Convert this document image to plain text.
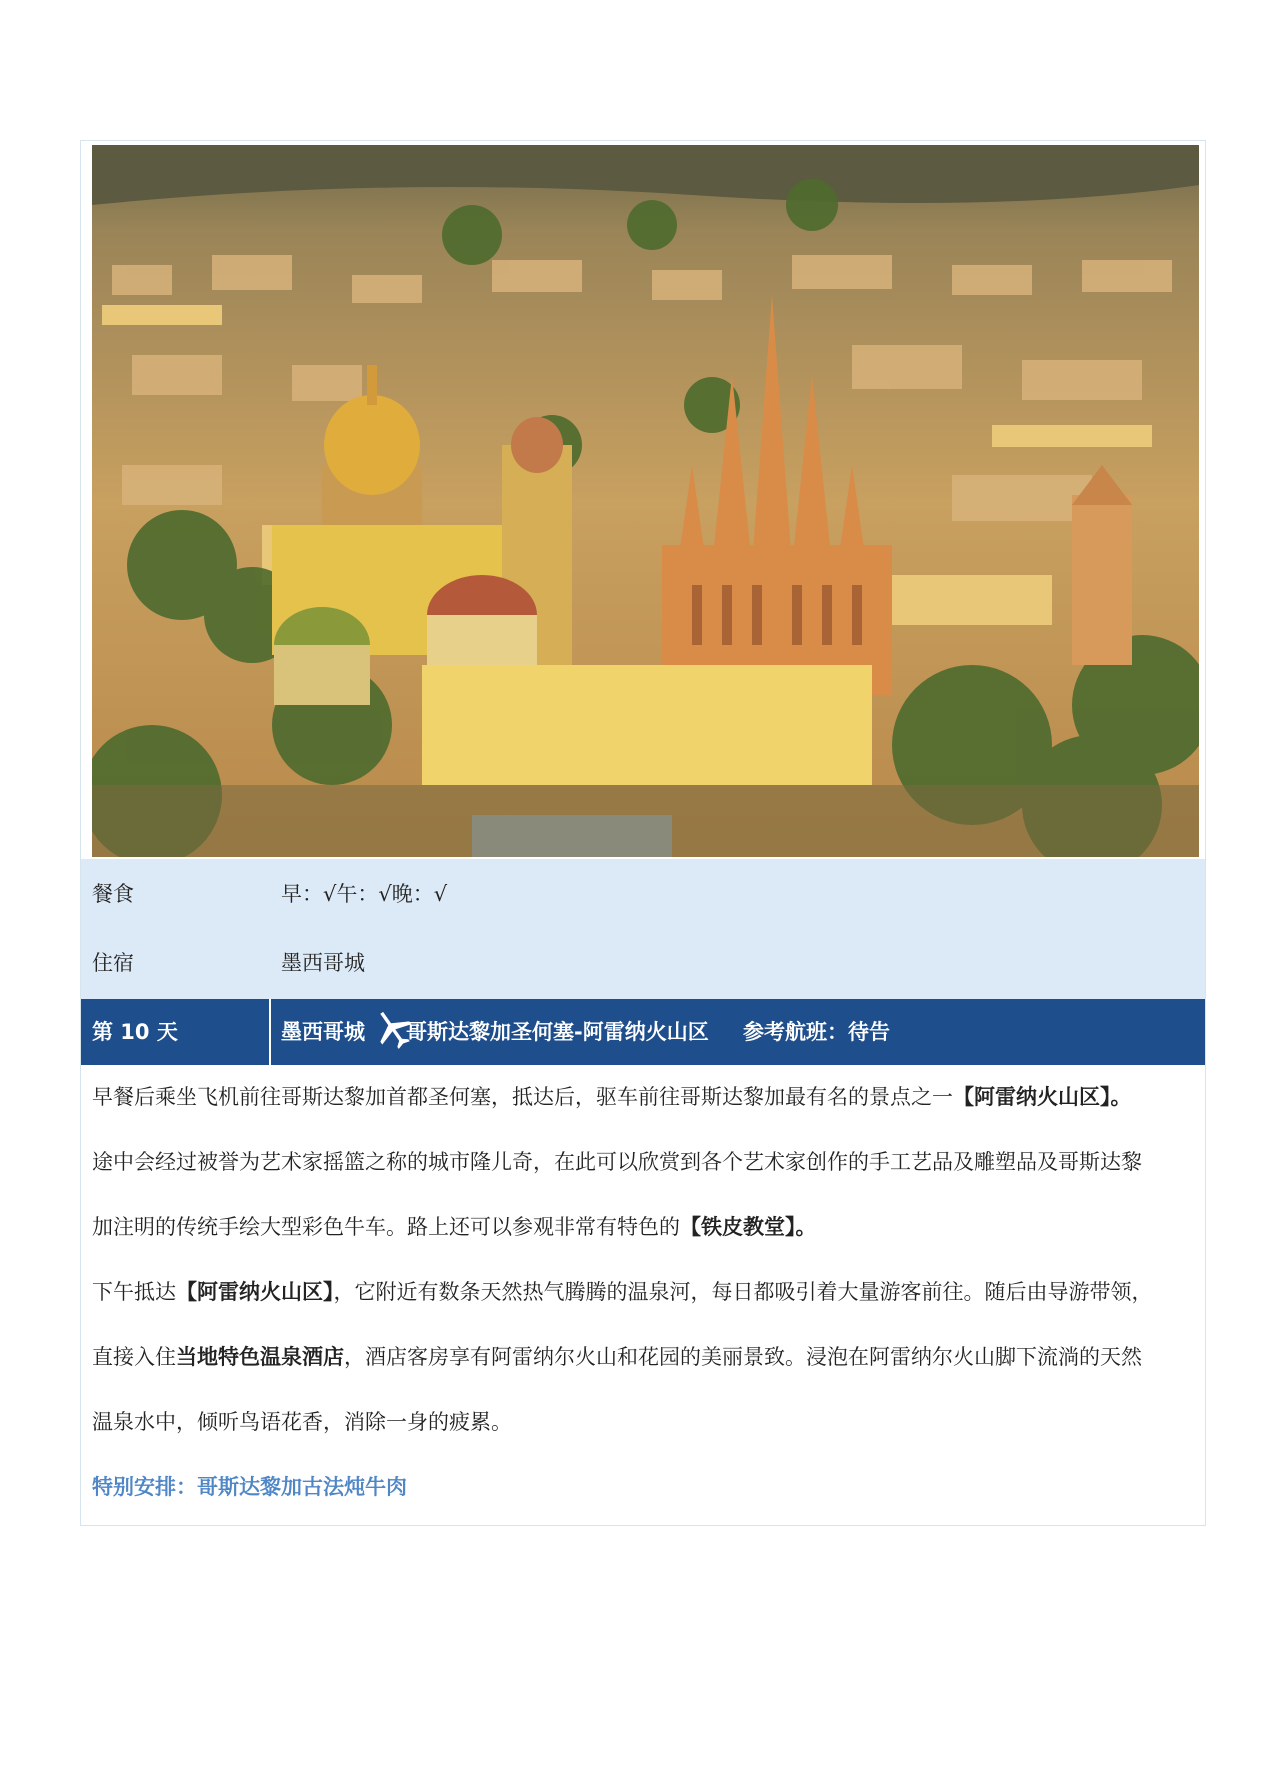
餐食	早：√午：√晚：√
住宿	墨西哥城
第 10 天	墨西哥城 哥斯达黎加圣何塞-阿雷纳火山区 参考航班：待告
早餐后乘坐飞机前往哥斯达黎加首都圣何塞，抵达后，驱车前往哥斯达黎加最有名的景点之一【阿雷纳火山区】。
途中会经过被誉为艺术家摇篮之称的城市隆儿奇，在此可以欣赏到各个艺术家创作的手工艺品及雕塑品及哥斯达黎
加注明的传统手绘大型彩色牛车。路上还可以参观非常有特色的【铁皮教堂】。
下午抵达【阿雷纳火山区】，它附近有数条天然热气腾腾的温泉河，每日都吸引着大量游客前往。随后由导游带领，
直接入住当地特色温泉酒店，酒店客房享有阿雷纳尔火山和花园的美丽景致。浸泡在阿雷纳尔火山脚下流淌的天然
温泉水中，倾听鸟语花香，消除一身的疲累。
特别安排：哥斯达黎加古法炖牛肉
